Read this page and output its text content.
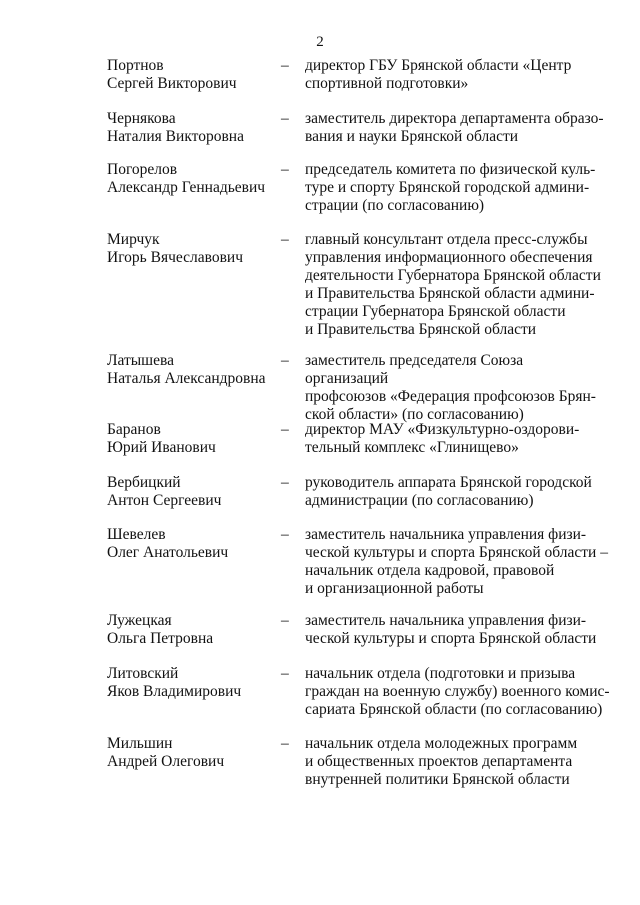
2
Портнов
Сергей Викторович
– директор ГБУ Брянской области «Центр
спортивной подготовки»
Чернякова
Наталия Викторовна
– заместитель директора департамента образо-
вания и науки Брянской области
Погорелов
Александр Геннадьевич
– председатель комитета по физической куль-
туре и спорту Брянской городской админи-
страции (по согласованию)
Мирчук
Игорь Вячеславович
– главный консультант отдела пресс-службы
управления информационного обеспечения
деятельности Губернатора Брянской области
и Правительства Брянской области админи-
страции Губернатора Брянской области
и Правительства Брянской области
Латышева
Наталья Александровна
– заместитель председателя Союза организаций
профсоюзов «Федерация профсоюзов Брян-
ской области» (по согласованию)
Баранов
Юрий Иванович
– директор МАУ «Физкультурно-оздорови-
тельный комплекс «Глинищево»
Вербицкий
Антон Сергеевич
– руководитель аппарата Брянской городской
администрации (по согласованию)
Шевелев
Олег Анатольевич
– заместитель начальника управления физи-
ческой культуры и спорта Брянской области –
начальник отдела кадровой, правовой
и организационной работы
Лужецкая
Ольга Петровна
– заместитель начальника управления физи-
ческой культуры и спорта Брянской области
Литовский
Яков Владимирович
– начальник отдела (подготовки и призыва
граждан на военную службу) военного комис-
сариата Брянской области (по согласованию)
Мильшин
Андрей Олегович
– начальник отдела молодежных программ
и общественных проектов департамента
внутренней политики Брянской области
